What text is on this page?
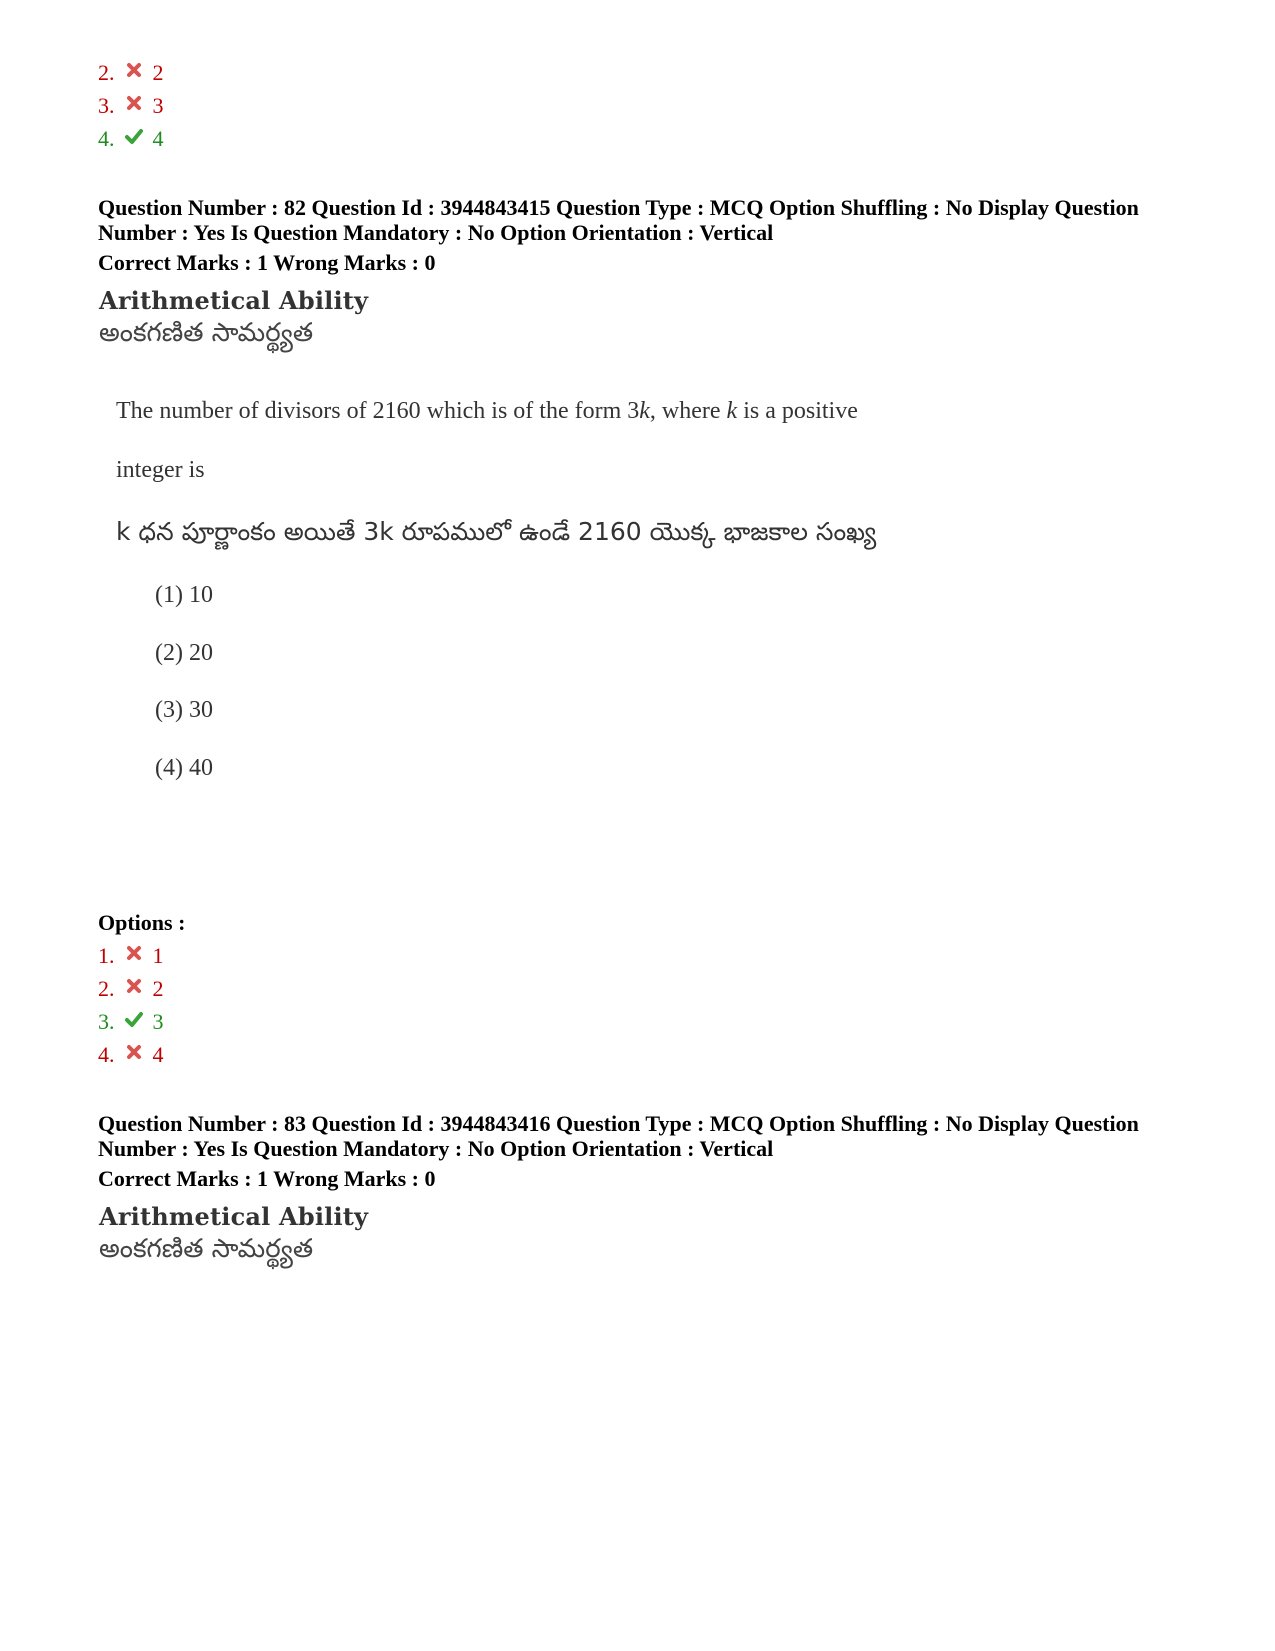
2. 2
3. 3
4. 4
Question Number : 82 Question Id : 3944843415 Question Type : MCQ Option Shuffling : No Display Question
Number : Yes Is Question Mandatory : No Option Orientation : Vertical
Correct Marks : 1 Wrong Marks : 0
Arithmetical Ability
అంకగణిత సామర్థ్యత
The number of divisors of 2160 which is of the form 3k, where k is a positive
integer is
k ధన పూర్ణాంకం అయితే 3k రూపములో ఉండే 2160 యొక్క భాజకాల సంఖ్య
(1) 10
(2) 20
(3) 30
(4) 40
Options :
1. 1
2. 2
3. 3
4. 4
Question Number : 83 Question Id : 3944843416 Question Type : MCQ Option Shuffling : No Display Question
Number : Yes Is Question Mandatory : No Option Orientation : Vertical
Correct Marks : 1 Wrong Marks : 0
Arithmetical Ability
అంకగణిత సామర్థ్యత
